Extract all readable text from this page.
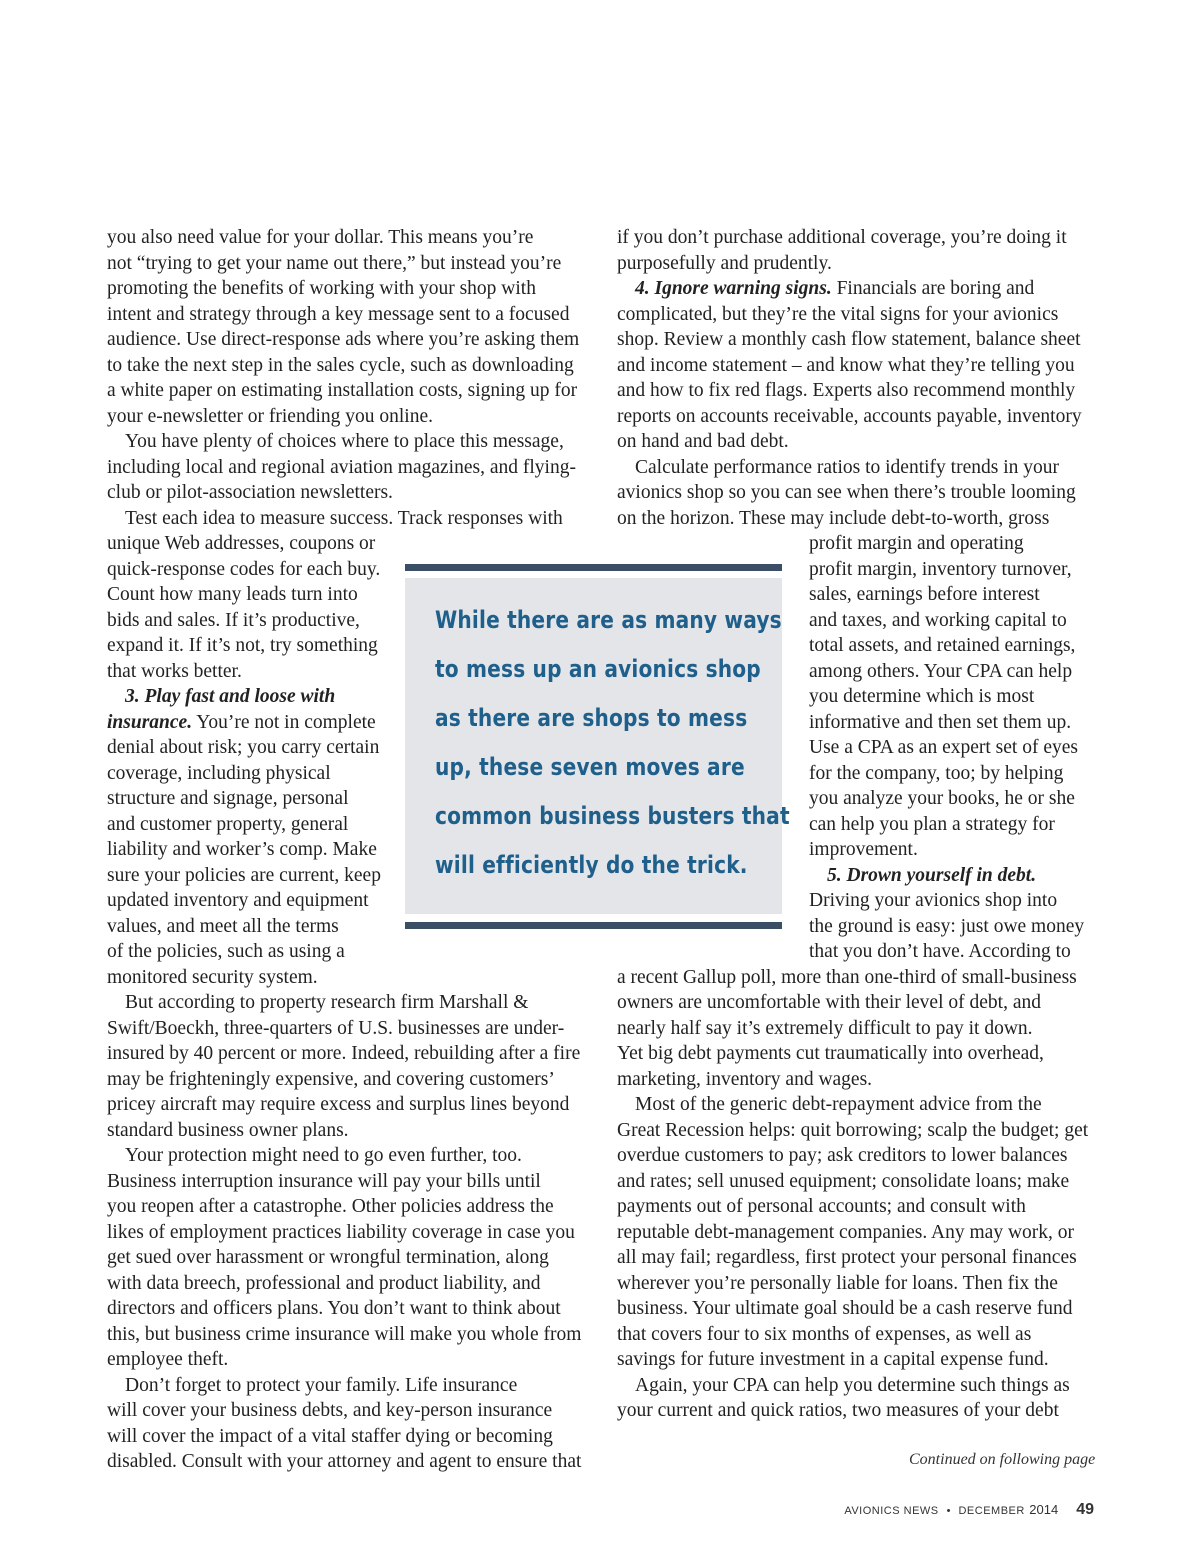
you also need value for your dollar. This means you’re
not “trying to get your name out there,” but instead you’re
promoting the benefits of working with your shop with
intent and strategy through a key message sent to a focused
audience. Use direct-response ads where you’re asking them
to take the next step in the sales cycle, such as downloading
a white paper on estimating installation costs, signing up for
your e-newsletter or friending you online.
You have plenty of choices where to place this message,
including local and regional aviation magazines, and flying-
club or pilot-association newsletters.
Test each idea to measure success. Track responses with
unique Web addresses, coupons or
quick-response codes for each buy.
Count how many leads turn into
bids and sales. If it’s productive,
expand it. If it’s not, try something
that works better.
3. Play fast and loose with
insurance. You’re not in complete
denial about risk; you carry certain
coverage, including physical
structure and signage, personal
and customer property, general
liability and worker’s comp. Make
sure your policies are current, keep
updated inventory and equipment
values, and meet all the terms
of the policies, such as using a
monitored security system.
But according to property research firm Marshall &
Swift/Boeckh, three-quarters of U.S. businesses are under-
insured by 40 percent or more. Indeed, rebuilding after a fire
may be frighteningly expensive, and covering customers’
pricey aircraft may require excess and surplus lines beyond
standard business owner plans.
Your protection might need to go even further, too.
Business interruption insurance will pay your bills until
you reopen after a catastrophe. Other policies address the
likes of employment practices liability coverage in case you
get sued over harassment or wrongful termination, along
with data breech, professional and product liability, and
directors and officers plans. You don’t want to think about
this, but business crime insurance will make you whole from
employee theft.
Don’t forget to protect your family. Life insurance
will cover your business debts, and key-person insurance
will cover the impact of a vital staffer dying or becoming
disabled. Consult with your attorney and agent to ensure that
if you don’t purchase additional coverage, you’re doing it
purposefully and prudently.
4. Ignore warning signs. Financials are boring and
complicated, but they’re the vital signs for your avionics
shop. Review a monthly cash flow statement, balance sheet
and income statement – and know what they’re telling you
and how to fix red flags. Experts also recommend monthly
reports on accounts receivable, accounts payable, inventory
on hand and bad debt.
Calculate performance ratios to identify trends in your
avionics shop so you can see when there’s trouble looming
on the horizon. These may include debt-to-worth, gross
profit margin and operating
profit margin, inventory turnover,
sales, earnings before interest
and taxes, and working capital to
total assets, and retained earnings,
among others. Your CPA can help
you determine which is most
informative and then set them up.
Use a CPA as an expert set of eyes
for the company, too; by helping
you analyze your books, he or she
can help you plan a strategy for
improvement.
5. Drown yourself in debt.
Driving your avionics shop into
the ground is easy: just owe money
that you don’t have. According to
a recent Gallup poll, more than one-third of small-business
owners are uncomfortable with their level of debt, and
nearly half say it’s extremely difficult to pay it down.
Yet big debt payments cut traumatically into overhead,
marketing, inventory and wages.
Most of the generic debt-repayment advice from the
Great Recession helps: quit borrowing; scalp the budget; get
overdue customers to pay; ask creditors to lower balances
and rates; sell unused equipment; consolidate loans; make
payments out of personal accounts; and consult with
reputable debt-management companies. Any may work, or
all may fail; regardless, first protect your personal finances
wherever you’re personally liable for loans. Then fix the
business. Your ultimate goal should be a cash reserve fund
that covers four to six months of expenses, as well as
savings for future investment in a capital expense fund.
Again, your CPA can help you determine such things as
your current and quick ratios, two measures of your debt
While there are as many ways
to mess up an avionics shop
as there are shops to mess
up, these seven moves are
common business busters that
will efficiently do the trick.
Continued on following page
AVIONICS NEWS • DECEMBER 2014 49
